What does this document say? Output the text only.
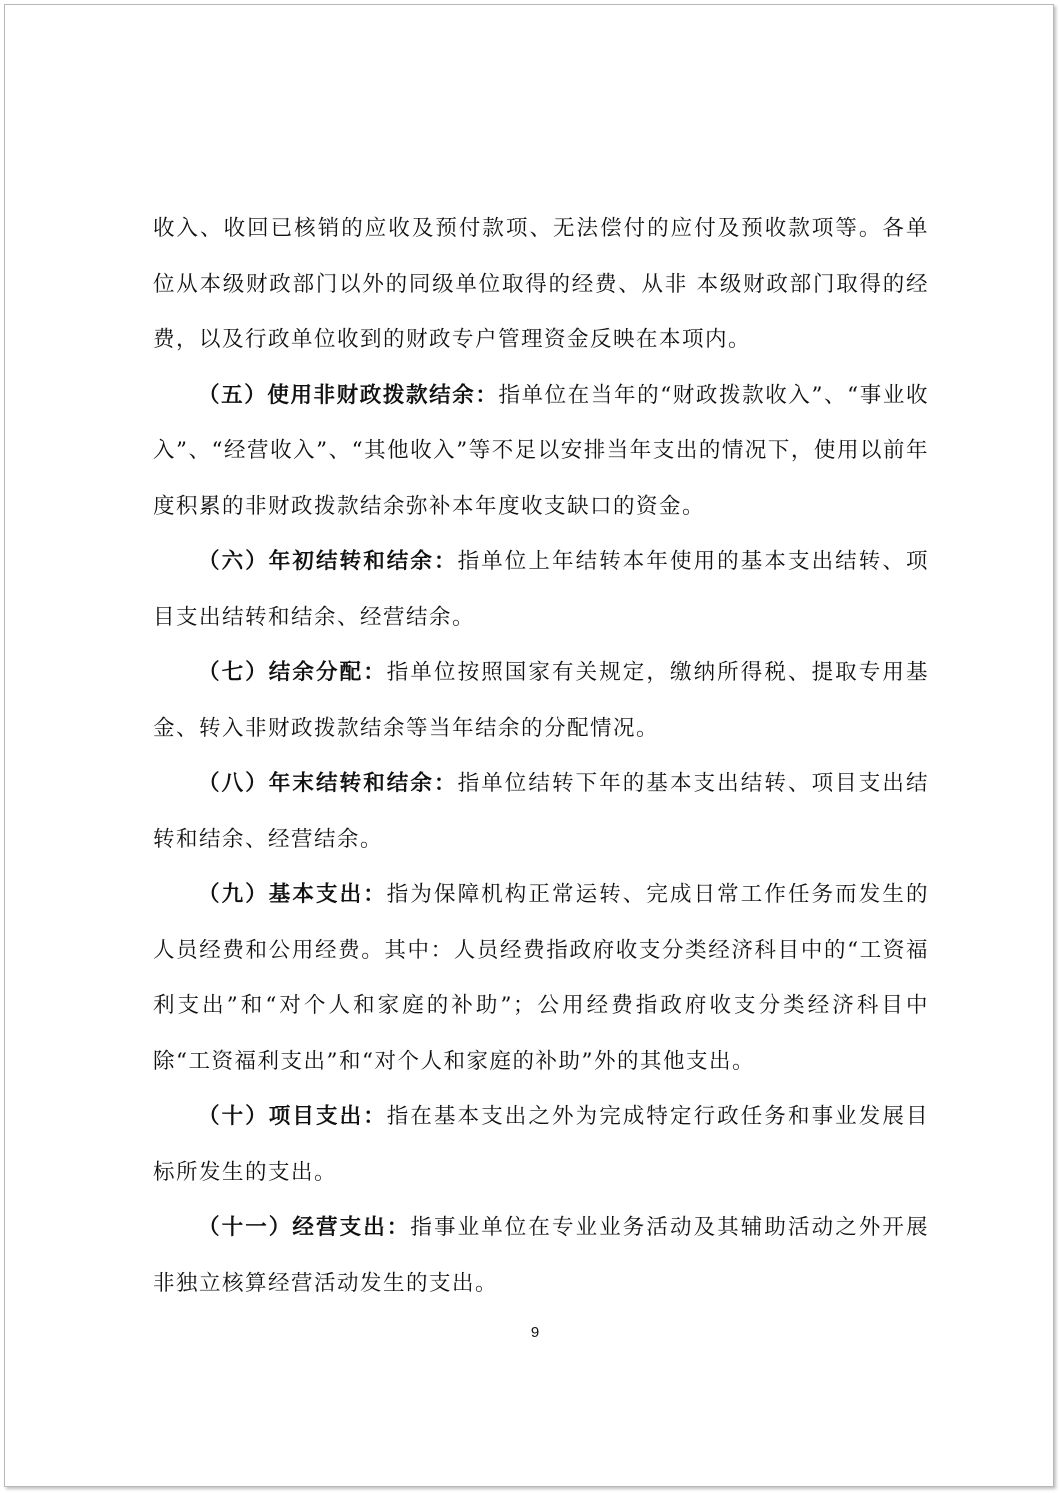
收入、收回已核销的应收及预付款项、无法偿付的应付及预收款项等。各单位从本级财政部门以外的同级单位取得的经费、从非 本级财政部门取得的经费，以及行政单位收到的财政专户管理资金反映在本项内。

（五）使用非财政拨款结余：指单位在当年的“财政拨款收入”、“事业收入”、“经营收入”、“其他收入”等不足以安排当年支出的情况下，使用以前年度积累的非财政拨款结余弥补本年度收支缺口的资金。

（六）年初结转和结余：指单位上年结转本年使用的基本支出结转、项目支出结转和结余、经营结余。

（七）结余分配：指单位按照国家有关规定，缴纳所得税、提取专用基金、转入非财政拨款结余等当年结余的分配情况。

（八）年末结转和结余：指单位结转下年的基本支出结转、项目支出结转和结余、经营结余。

（九）基本支出：指为保障机构正常运转、完成日常工作任务而发生的人员经费和公用经费。其中：人员经费指政府收支分类经济科目中的“工资福利支出”和“对个人和家庭的补助”；公用经费指政府收支分类经济科目中除“工资福利支出”和“对个人和家庭的补助”外的其他支出。

（十）项目支出：指在基本支出之外为完成特定行政任务和事业发展目标所发生的支出。

（十一）经营支出：指事业单位在专业业务活动及其辅助活动之外开展非独立核算经营活动发生的支出。

9
